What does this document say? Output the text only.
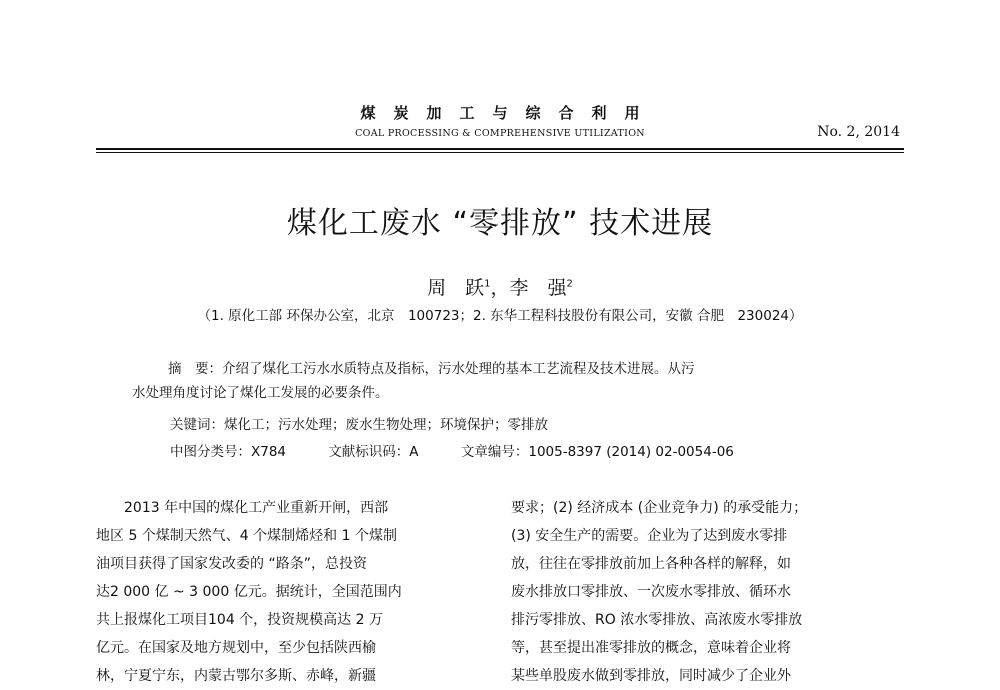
煤炭加工与综合利用
COAL PROCESSING & COMPREHENSIVE UTILIZATION	No. 2, 2014
煤化工废水 “零排放” 技术进展
周　跃$^1$，李　强$^2$
（1. 原化工部 环保办公室，北京　100723；2. 东华工程科技股份有限公司，安徽 合肥　230024）
摘　要：介绍了煤化工污水水质特点及指标，污水处理的基本工艺流程及技术进展。从污
水处理角度讨论了煤化工发展的必要条件。
关键词：煤化工；污水处理；废水生物处理；环境保护；零排放
中图分类号：X784	文献标识码：A	文章编号：1005-8397 (2014) 02-0054-06
2013 年中国的煤化工产业重新开闸，西部
地区 5 个煤制天然气、4 个煤制烯烃和 1 个煤制
油项目获得了国家发改委的 “路条”，总投资
达2 000 亿 ~ 3 000 亿元。据统计，全国范围内
共上报煤化工项目104 个，投资规模高达 2 万
亿元。在国家及地方规划中，至少包括陕西榆
林，宁夏宁东，内蒙古鄂尔多斯、赤峰，新疆
要求；(2) 经济成本 (企业竞争力) 的承受能力；
(3) 安全生产的需要。企业为了达到废水零排
放，往往在零排放前加上各种各样的解释，如
废水排放口零排放、一次废水零排放、循环水
排污零排放、RO 浓水零排放、高浓废水零排放
等，甚至提出准零排放的概念，意味着企业将
某些单股废水做到零排放，同时减少了企业外
